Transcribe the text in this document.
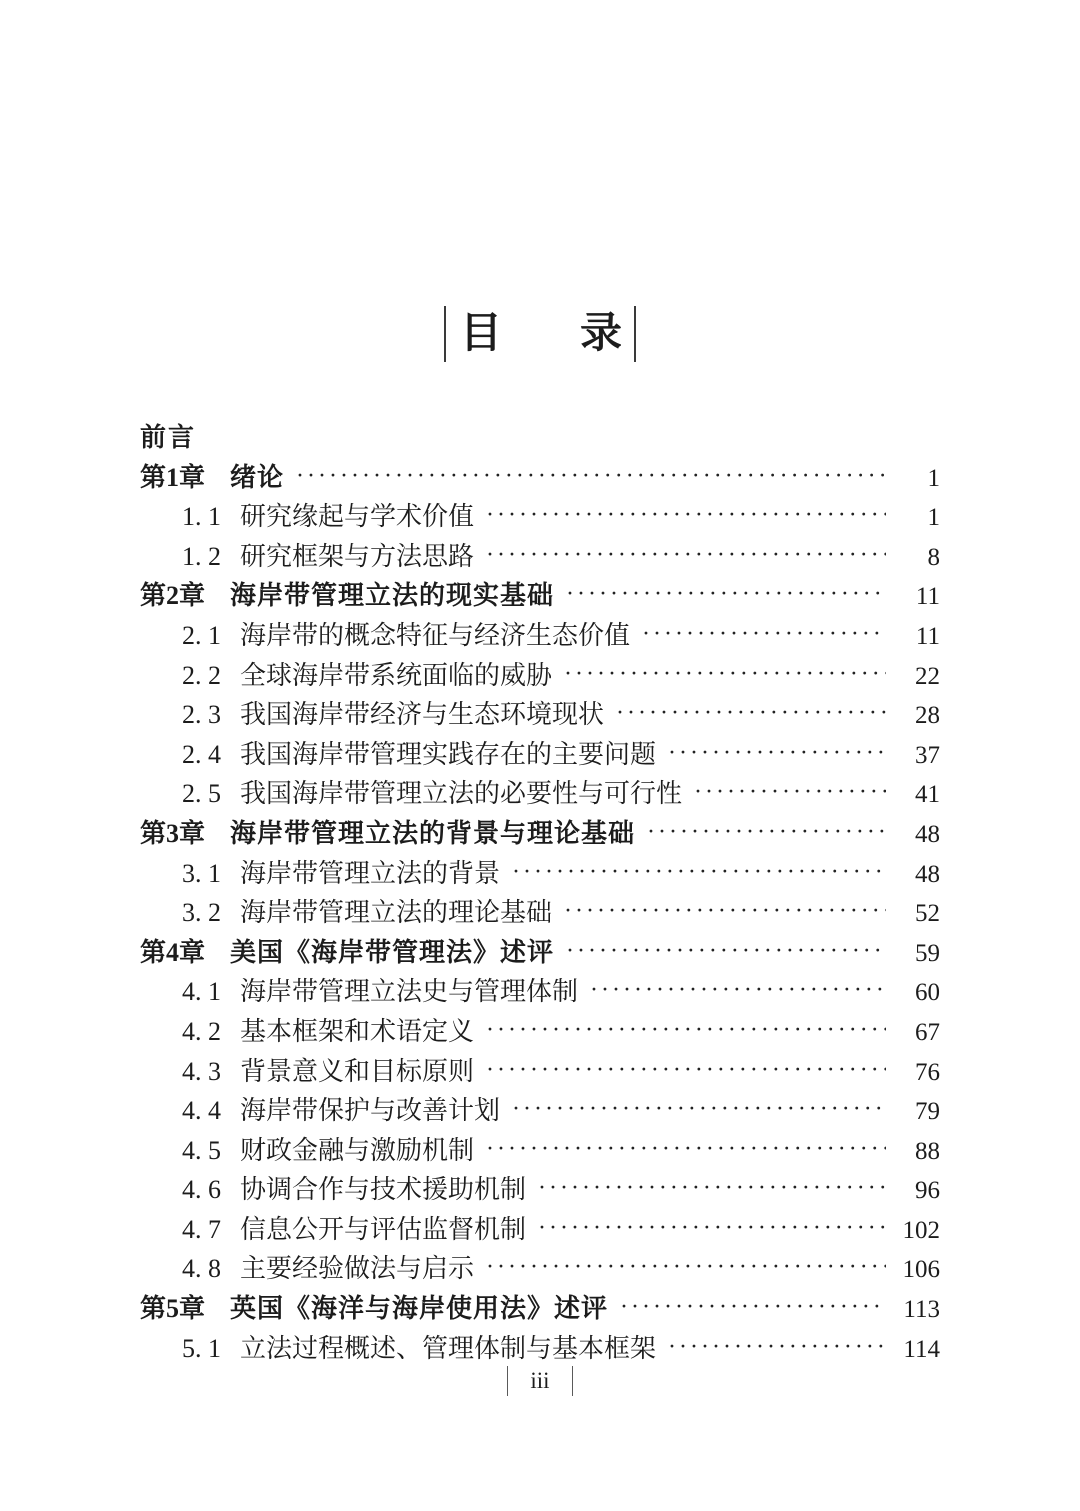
目 录
前言
第1章 绪论 ·····	1
1. 1 研究缘起与学术价值 ·····	1
1. 2 研究框架与方法思路 ·····	8
第2章 海岸带管理立法的现实基础 ·····	11
2. 1 海岸带的概念特征与经济生态价值 ·····	11
2. 2 全球海岸带系统面临的威胁 ·····	22
2. 3 我国海岸带经济与生态环境现状 ·····	28
2. 4 我国海岸带管理实践存在的主要问题 ·····	37
2. 5 我国海岸带管理立法的必要性与可行性 ·····	41
第3章 海岸带管理立法的背景与理论基础 ·····	48
3. 1 海岸带管理立法的背景 ·····	48
3. 2 海岸带管理立法的理论基础 ·····	52
第4章 美国《海岸带管理法》述评 ·····	59
4. 1 海岸带管理立法史与管理体制 ·····	60
4. 2 基本框架和术语定义 ·····	67
4. 3 背景意义和目标原则 ·····	76
4. 4 海岸带保护与改善计划 ·····	79
4. 5 财政金融与激励机制 ·····	88
4. 6 协调合作与技术援助机制 ·····	96
4. 7 信息公开与评估监督机制 ·····	102
4. 8 主要经验做法与启示 ·····	106
第5章 英国《海洋与海岸使用法》述评 ·····	113
5. 1 立法过程概述、管理体制与基本框架 ·····	114
iii
